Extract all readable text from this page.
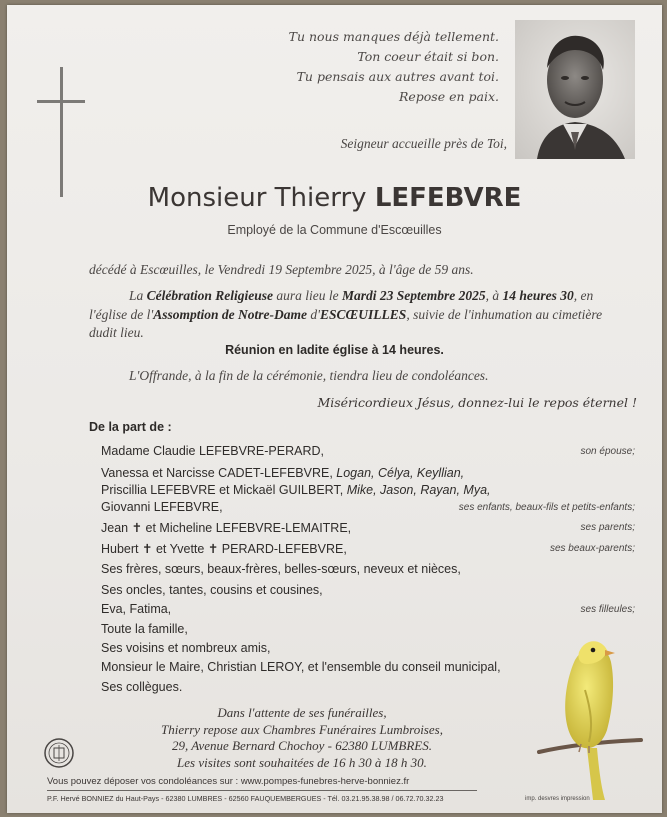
Tu nous manques déjà tellement.
Ton coeur était si bon.
Tu pensais aux autres avant toi.
Repose en paix.
Seigneur accueille près de Toi,
Monsieur Thierry LEFEBVRE
Employé de la Commune d'Escœuilles
décédé à Escœuilles, le Vendredi 19 Septembre 2025, à l'âge de 59 ans.
La Célébration Religieuse aura lieu le Mardi 23 Septembre 2025, à 14 heures 30, en
l'église de l'Assomption de Notre-Dame d'ESCŒUILLES, suivie de l'inhumation au cimetière
dudit lieu.
Réunion en ladite église à 14 heures.
L'Offrande, à la fin de la cérémonie, tiendra lieu de condoléances.
Miséricordieux Jésus, donnez-lui le repos éternel !
De la part de :
Madame Claudie LEFEBVRE-PERARD,	son épouse;
Vanessa et Narcisse CADET-LEFEBVRE, Logan, Célya, Keyllian,
Priscillia LEFEBVRE et Mickaël GUILBERT, Mike, Jason, Rayan, Mya,
Giovanni LEFEBVRE,	ses enfants, beaux-fils et petits-enfants;
Jean ✝ et Micheline LEFEBVRE-LEMAITRE,	ses parents;
Hubert ✝ et Yvette ✝ PERARD-LEFEBVRE,	ses beaux-parents;
Ses frères, sœurs, beaux-frères, belles-sœurs, neveux et nièces,
Ses oncles, tantes, cousins et cousines,
Eva, Fatima,	ses filleules;
Toute la famille,
Ses voisins et nombreux amis,
Monsieur le Maire, Christian LEROY, et l'ensemble du conseil municipal,
Ses collègues.
Dans l'attente de ses funérailles,
Thierry repose aux Chambres Funéraires Lumbroises,
29, Avenue Bernard Chochoy - 62380 LUMBRES.
Les visites sont souhaitées de 16 h 30 à 18 h 30.
Vous pouvez déposer vos condoléances sur : www.pompes-funebres-herve-bonniez.fr
P.F. Hervé BONNIEZ du Haut-Pays - 62380 LUMBRES - 62560 FAUQUEMBERGUES - Tél. 03.21.95.38.98 / 06.72.70.32.23	imp. desvres impression
